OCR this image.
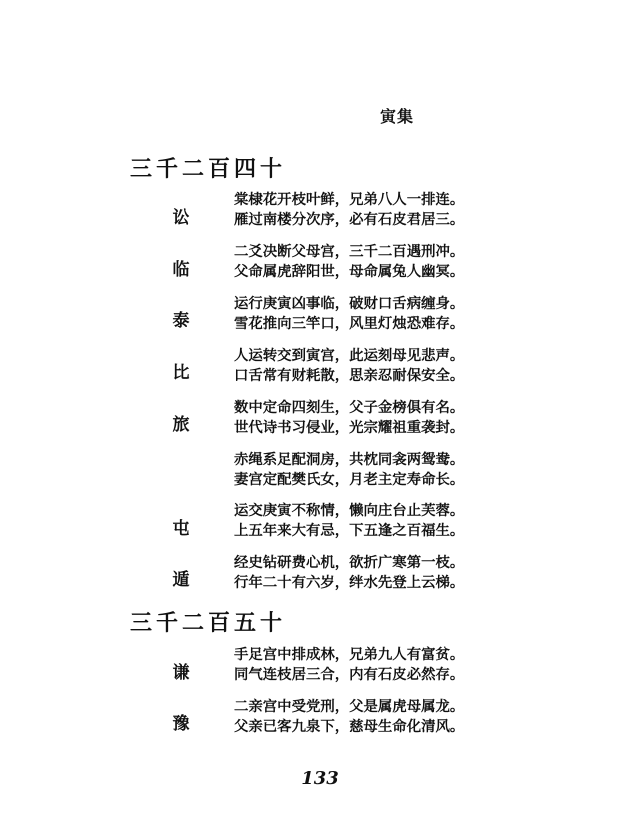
寅集
三千二百四十
讼
棠棣花开枝叶鲜，兄弟八人一排连。
雁过南楼分次序，必有石皮君居三。
临
二爻决断父母宫，三千二百遇刑冲。
父命属虎辞阳世，母命属兔人幽冥。
泰
运行庚寅凶事临，破财口舌病缠身。
雪花推向三竿口，风里灯烛恐难存。
比
人运转交到寅宫，此运刻母见悲声。
口舌常有财耗散，思亲忍耐保安全。
旅
数中定命四刻生，父子金榜俱有名。
世代诗书习侵业，光宗耀祖重袭封。
赤绳系足配洞房，共枕同衾两鸳鸯。
妻宫定配樊氏女，月老主定寿命长。
屯
运交庚寅不称情，懒向庄台止芙蓉。
上五年来大有忌，下五逢之百福生。
遁
经史钻研费心机，欲折广寒第一枝。
行年二十有六岁，绊水先登上云梯。
三千二百五十
谦
手足宫中排成林，兄弟九人有富贫。
同气连枝居三合，内有石皮必然存。
豫
二亲宫中受党刑，父是属虎母属龙。
父亲已客九泉下，慈母生命化清风。
133
